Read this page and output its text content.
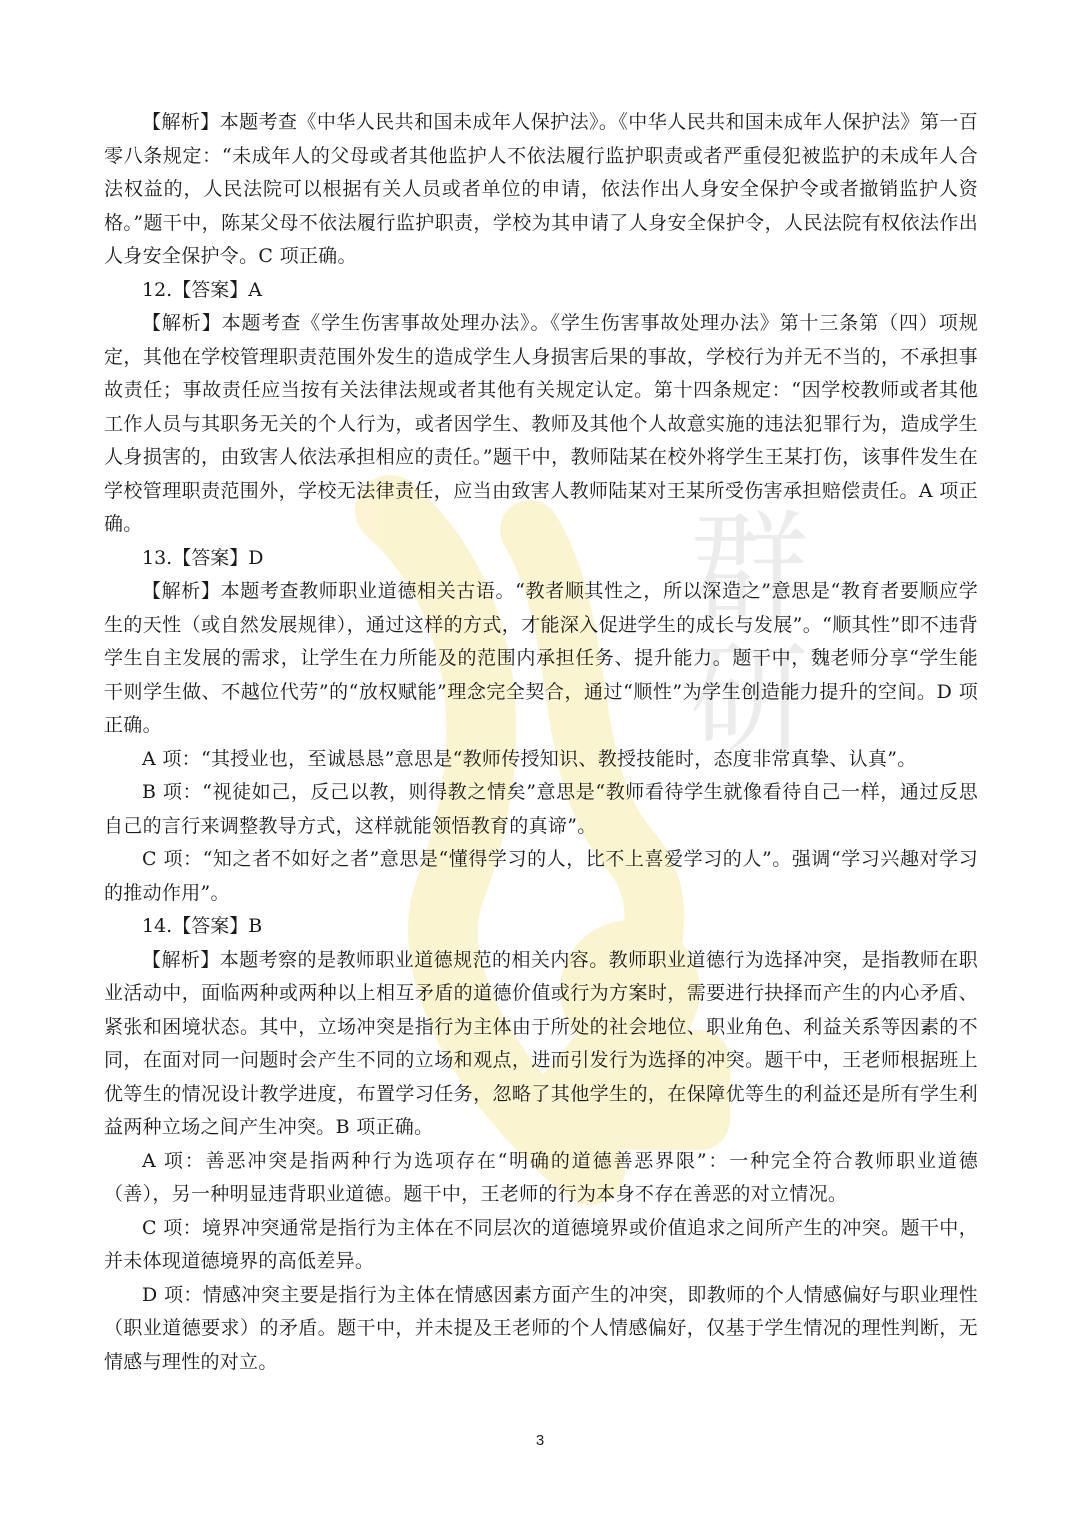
群
研

【解析】本题考查《中华人民共和国未成年人保护法》。《中华人民共和国未成年人保护法》第一百零八条规定：“未成年人的父母或者其他监护人不依法履行监护职责或者严重侵犯被监护的未成年人合法权益的，人民法院可以根据有关人员或者单位的申请，依法作出人身安全保护令或者撤销监护人资格。”题干中，陈某父母不依法履行监护职责，学校为其申请了人身安全保护令，人民法院有权依法作出人身安全保护令。C 项正确。

12.【答案】A

【解析】本题考查《学生伤害事故处理办法》。《学生伤害事故处理办法》第十三条第（四）项规定，其他在学校管理职责范围外发生的造成学生人身损害后果的事故，学校行为并无不当的，不承担事故责任；事故责任应当按有关法律法规或者其他有关规定认定。第十四条规定：“因学校教师或者其他工作人员与其职务无关的个人行为，或者因学生、教师及其他个人故意实施的违法犯罪行为，造成学生人身损害的，由致害人依法承担相应的责任。”题干中，教师陆某在校外将学生王某打伤，该事件发生在学校管理职责范围外，学校无法律责任，应当由致害人教师陆某对王某所受伤害承担赔偿责任。A 项正确。

13.【答案】D

【解析】本题考查教师职业道德相关古语。“教者顺其性之，所以深造之”意思是“教育者要顺应学生的天性（或自然发展规律），通过这样的方式，才能深入促进学生的成长与发展”。“顺其性”即不违背学生自主发展的需求，让学生在力所能及的范围内承担任务、提升能力。题干中，魏老师分享“学生能干则学生做、不越位代劳”的“放权赋能”理念完全契合，通过“顺性”为学生创造能力提升的空间。D 项正确。

A 项：“其授业也，至诚恳恳”意思是“教师传授知识、教授技能时，态度非常真挚、认真”。

B 项：“视徒如己，反己以教，则得教之情矣”意思是“教师看待学生就像看待自己一样，通过反思自己的言行来调整教导方式，这样就能领悟教育的真谛”。

C 项：“知之者不如好之者”意思是“懂得学习的人，比不上喜爱学习的人”。强调“学习兴趣对学习的推动作用”。

14.【答案】B

【解析】本题考察的是教师职业道德规范的相关内容。教师职业道德行为选择冲突，是指教师在职业活动中，面临两种或两种以上相互矛盾的道德价值或行为方案时，需要进行抉择而产生的内心矛盾、紧张和困境状态。其中，立场冲突是指行为主体由于所处的社会地位、职业角色、利益关系等因素的不同，在面对同一问题时会产生不同的立场和观点，进而引发行为选择的冲突。题干中，王老师根据班上优等生的情况设计教学进度，布置学习任务，忽略了其他学生的，在保障优等生的利益还是所有学生利益两种立场之间产生冲突。B 项正确。

A 项：善恶冲突是指两种行为选项存在“明确的道德善恶界限”：一种完全符合教师职业道德（善），另一种明显违背职业道德。题干中，王老师的行为本身不存在善恶的对立情况。

C 项：境界冲突通常是指行为主体在不同层次的道德境界或价值追求之间所产生的冲突。题干中，并未体现道德境界的高低差异。

D 项：情感冲突主要是指行为主体在情感因素方面产生的冲突，即教师的个人情感偏好与职业理性（职业道德要求）的矛盾。题干中，并未提及王老师的个人情感偏好，仅基于学生情况的理性判断，无情感与理性的对立。

3
